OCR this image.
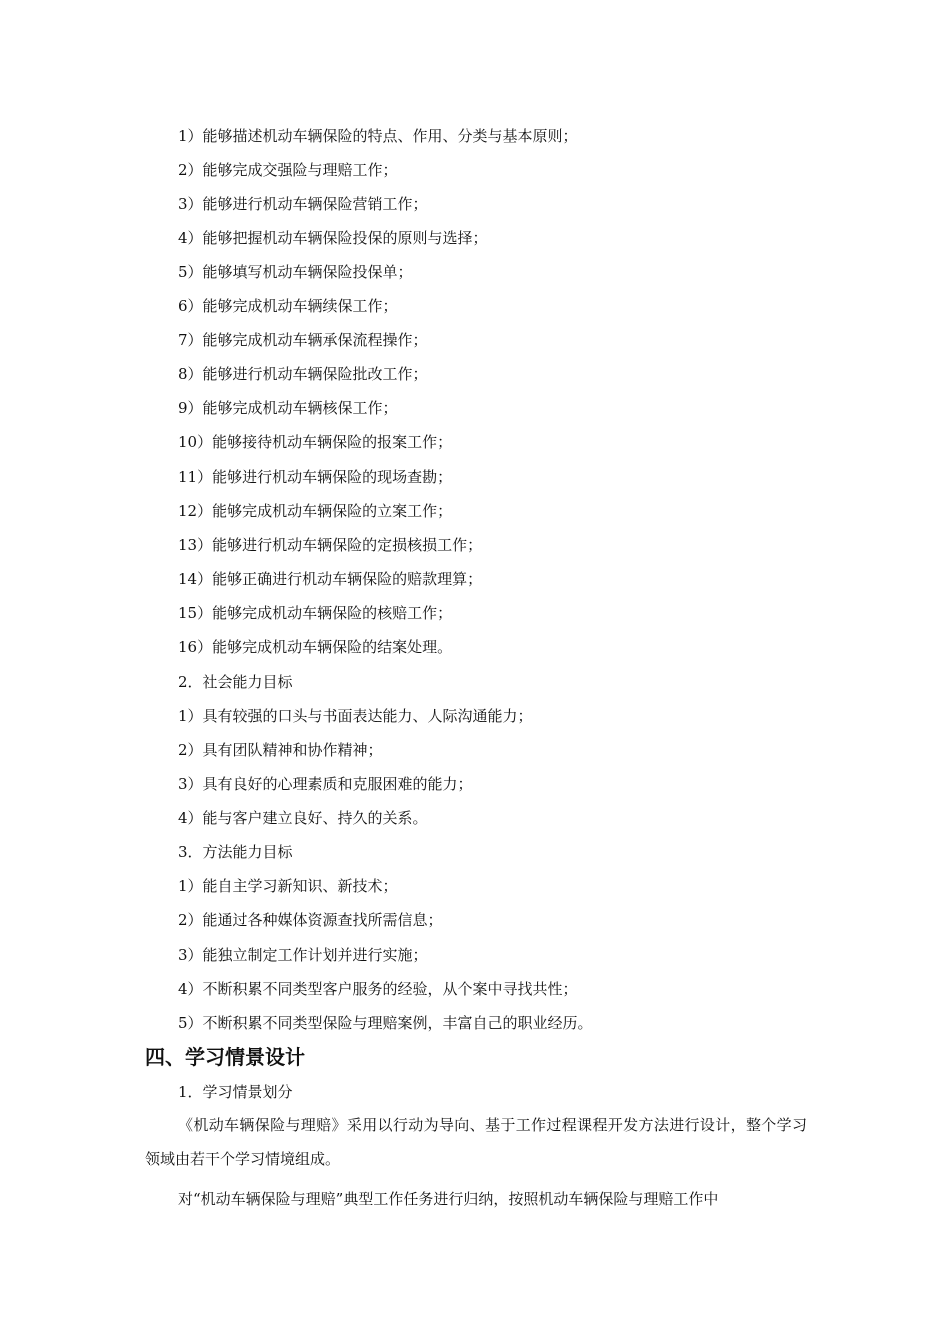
1）能够描述机动车辆保险的特点、作用、分类与基本原则；
2）能够完成交强险与理赔工作；
3）能够进行机动车辆保险营销工作；
4）能够把握机动车辆保险投保的原则与选择；
5）能够填写机动车辆保险投保单；
6）能够完成机动车辆续保工作；
7）能够完成机动车辆承保流程操作；
8）能够进行机动车辆保险批改工作；
9）能够完成机动车辆核保工作；
10）能够接待机动车辆保险的报案工作；
11）能够进行机动车辆保险的现场查勘；
12）能够完成机动车辆保险的立案工作；
13）能够进行机动车辆保险的定损核损工作；
14）能够正确进行机动车辆保险的赔款理算；
15）能够完成机动车辆保险的核赔工作；
16）能够完成机动车辆保险的结案处理。
2．社会能力目标
1）具有较强的口头与书面表达能力、人际沟通能力；
2）具有团队精神和协作精神；
3）具有良好的心理素质和克服困难的能力；
4）能与客户建立良好、持久的关系。
3．方法能力目标
1）能自主学习新知识、新技术；
2）能通过各种媒体资源查找所需信息；
3）能独立制定工作计划并进行实施；
4）不断积累不同类型客户服务的经验，从个案中寻找共性；
5）不断积累不同类型保险与理赔案例，丰富自己的职业经历。
四、学习情景设计
1．学习情景划分
《机动车辆保险与理赔》采用以行动为导向、基于工作过程课程开发方法进行设计，整个学习领域由若干个学习情境组成。
对“机动车辆保险与理赔”典型工作任务进行归纳，按照机动车辆保险与理赔工作中
